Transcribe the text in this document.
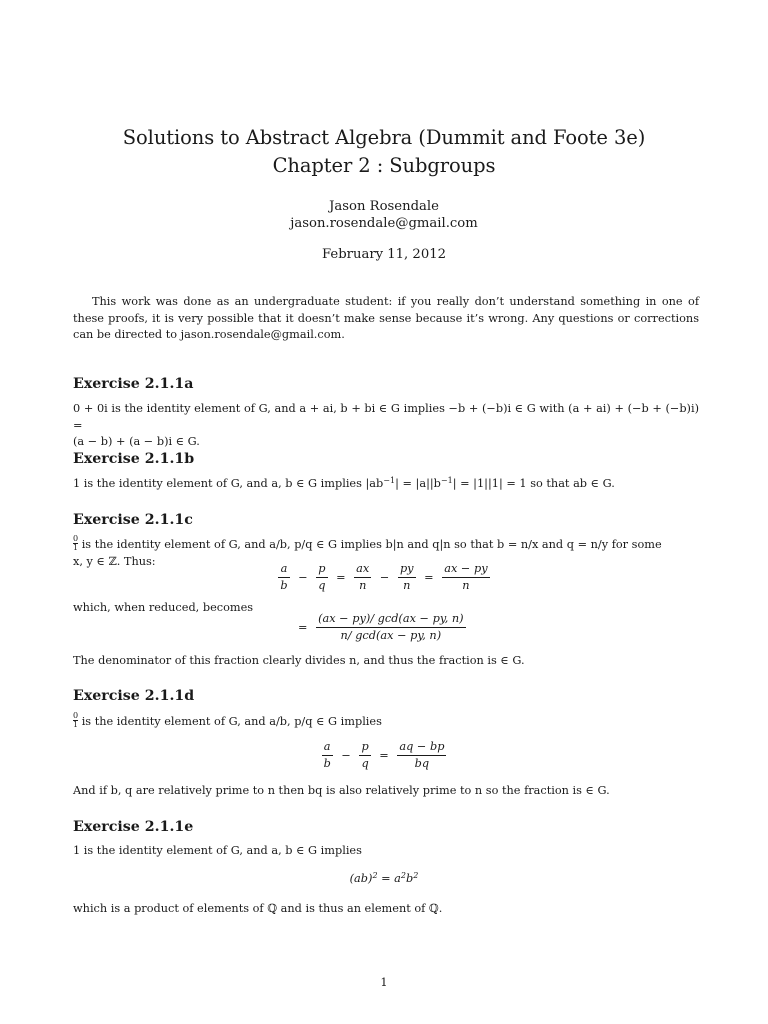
Solutions to Abstract Algebra (Dummit and Foote 3e)
Chapter 2 : Subgroups
Jason Rosendale
jason.rosendale@gmail.com
February 11, 2012
This work was done as an undergraduate student: if you really don’t understand something in one of these proofs, it is very possible that it doesn’t make sense because it’s wrong. Any questions or corrections can be directed to jason.rosendale@gmail.com.
Exercise 2.1.1a
0 + 0i is the identity element of G, and a + ai, b + bi ∈ G implies −b + (−b)i ∈ G with (a + ai) + (−b + (−b)i) =
(a − b) + (a − b)i ∈ G.
Exercise 2.1.1b
1 is the identity element of G, and a, b ∈ G implies $|ab^{-1}| = |a||b^{-1}| = |1||1| = 1$ so that ab ∈ G.
Exercise 2.1.1c
$\frac{0}{1}$ is the identity element of G, and a/b, p/q ∈ G implies b|n and q|n so that b = n/x and q = n/y for some
x, y ∈ ℤ. Thus:
$\frac{a}{b} - \frac{p}{q} = \frac{ax}{n} - \frac{py}{n} = \frac{ax - py}{n}$
which, when reduced, becomes
= $\frac{(ax - py)/ \gcd(ax - py, n)}{n/ \gcd(ax - py, n)}$
The denominator of this fraction clearly divides n, and thus the fraction is ∈ G.
Exercise 2.1.1d
$\frac{0}{1}$ is the identity element of G, and a/b, p/q ∈ G implies
$\frac{a}{b} - \frac{p}{q} = \frac{aq - bp}{bq}$
And if b, q are relatively prime to n then bq is also relatively prime to n so the fraction is ∈ G.
Exercise 2.1.1e
1 is the identity element of G, and a, b ∈ G implies
$(ab)^2 = a^2b^2$
which is a product of elements of ℚ and is thus an element of ℚ.
1
